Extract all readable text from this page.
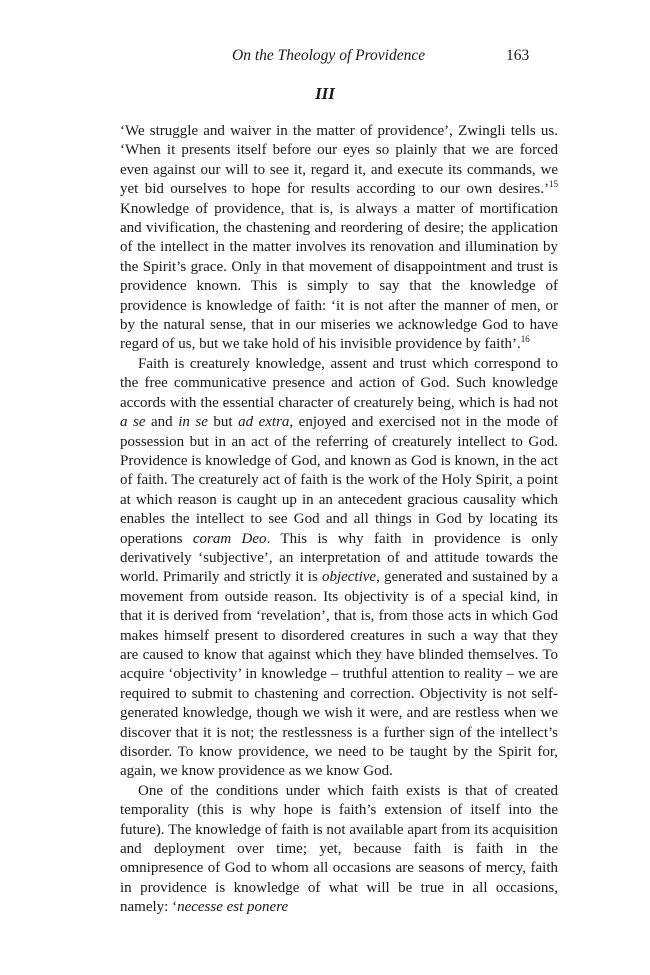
On the Theology of Providence	163
III

‘We struggle and waiver in the matter of providence’, Zwingli tells us. ‘When it presents itself before our eyes so plainly that we are forced even against our will to see it, regard it, and execute its commands, we yet bid ourselves to hope for results according to our own desires.’$^{15}$ Knowledge of providence, that is, is always a matter of mortification and vivification, the chastening and reordering of desire; the application of the intellect in the matter involves its renovation and illumination by the Spirit’s grace. Only in that movement of disappointment and trust is providence known. This is simply to say that the knowledge of providence is knowledge of faith: ‘it is not after the manner of men, or by the natural sense, that in our miseries we acknowledge God to have regard of us, but we take hold of his invisible providence by faith’.$^{16}$

Faith is creaturely knowledge, assent and trust which correspond to the free communicative presence and action of God. Such knowledge accords with the essential character of creaturely being, which is had not a se and in se but ad extra, enjoyed and exercised not in the mode of possession but in an act of the referring of creaturely intellect to God. Providence is knowledge of God, and known as God is known, in the act of faith. The creaturely act of faith is the work of the Holy Spirit, a point at which reason is caught up in an antecedent gracious causality which enables the intellect to see God and all things in God by locating its operations coram Deo. This is why faith in providence is only derivatively ‘subjective’, an interpretation of and attitude towards the world. Primarily and strictly it is objective, generated and sustained by a movement from outside reason. Its objectivity is of a special kind, in that it is derived from ‘revelation’, that is, from those acts in which God makes himself present to disordered creatures in such a way that they are caused to know that against which they have blinded themselves. To acquire ‘objectivity’ in knowledge – truthful attention to reality – we are required to submit to chastening and correction. Objectivity is not self-generated knowledge, though we wish it were, and are restless when we discover that it is not; the restlessness is a further sign of the intellect’s disorder. To know providence, we need to be taught by the Spirit for, again, we know providence as we know God.

One of the conditions under which faith exists is that of created temporality (this is why hope is faith’s extension of itself into the future). The knowledge of faith is not available apart from its acquisition and deployment over time; yet, because faith is faith in the omnipresence of God to whom all occasions are seasons of mercy, faith in providence is knowledge of what will be true in all occasions, namely: ‘necesse est ponere
